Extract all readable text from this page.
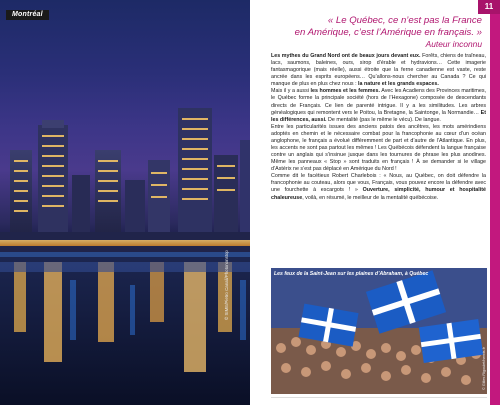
Montréal
© SIME/Pietro Canali/Photononstop
11
« Le Québec, ce n’est pas la France
en Amérique, c’est l’Amérique en français. »
Auteur inconnu

Les mythes du Grand Nord ont de beaux jours devant eux. Forêts, chiens de traîneau, lacs, saumons, baleines, ours, sirop d’érable et hydravions… Cette imagerie fantasmagorique (mais réelle), aussi étroite que la ferne canadienne est vaste, reste ancrée dans les esprits européens… Qu’allons-nous chercher au Canada ? Ce qui manque de plus en plus chez nous : la nature et les grands espaces.

Mais il y a aussi les hommes et les femmes. Avec les Acadiens des Provinces maritimes, le Québec forme la principale société (hors de l’Hexagone) composée de descendants directs de Français. Ce lien de parenté intrigue. Il y a les similitudes. Les arbres généalogiques qui remontent vers le Poitou, la Bretagne, la Saintonge, la Normandie… Et les différences, aussi. De mentalité (pas le même le vécu). De langue.

Entre les particularités issues des anciens patois des ancêtres, les mots amérindiens adoptés en chemin et le nécessaire combat pour la francophonie au cœur d’un océan anglophone, le français a évolué différemment de part et d’autre de l’Atlantique. En plus, les accents ne sont pas partout les mêmes ! Les Québécois défendent la langue française contre un anglais qui s’insinue jusque dans les tournures de phrase les plus anodines. Même les panneaux « Stop » sont traduits en français ! À se demander si le village d’Astérix ne s’est pas déplacé en Amérique du Nord !

Comme dit le facétieux Robert Charlebois : « Nous, au Québec, on doit défendre la francophonie au couteau, alors que vous, Français, vous pouvez encore la défendre avec une fourchette à escargots ! » Ouverture, simplicité, humour et hospitalité chaleureuse, voilà, en résumé, le meilleur de la mentalité québécoise.

Les feux de la Saint-Jean sur les plaines d’Abraham, à Québec
© Gilles Rigoulet/hemis.fr
